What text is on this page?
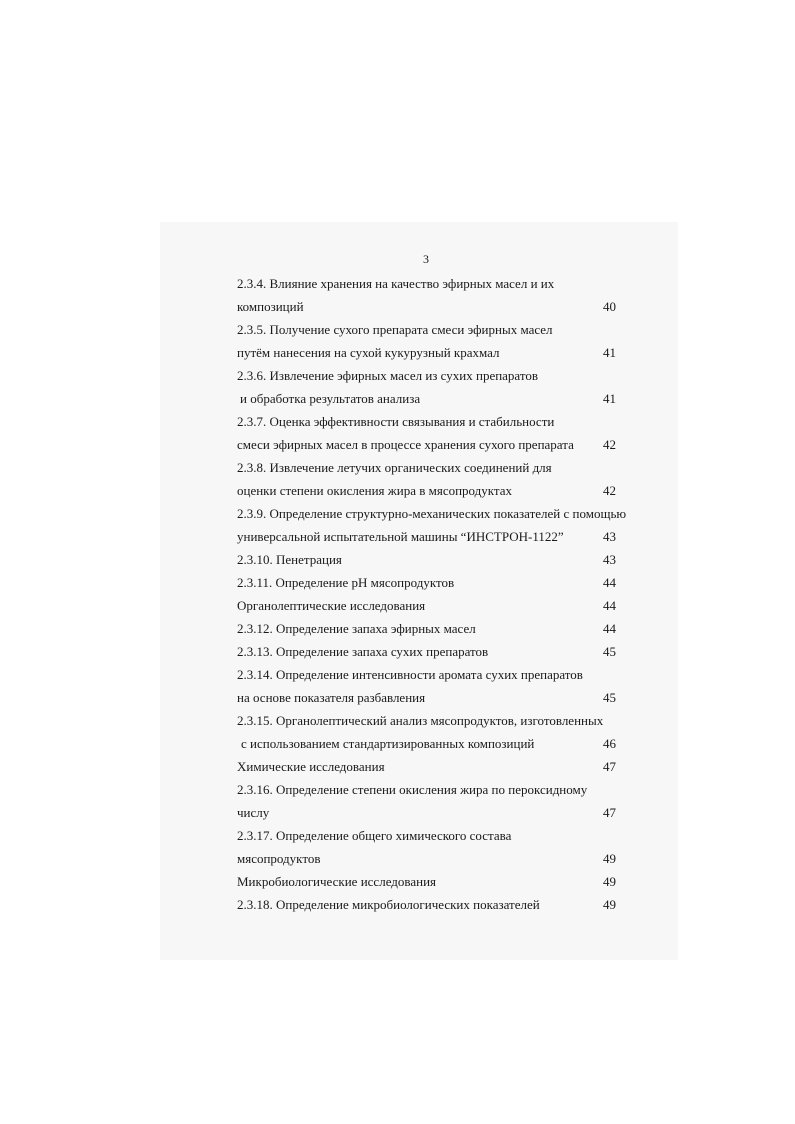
3
2.3.4. Влияние хранения на качество эфирных масел и их
композиций	40
2.3.5. Получение сухого препарата смеси эфирных масел
путём нанесения на сухой кукурузный крахмал	41
2.3.6. Извлечение эфирных масел из сухих препаратов
и обработка результатов анализа	41
2.3.7. Оценка эффективности связывания и стабильности
смеси эфирных масел в процессе хранения сухого препарата 42
2.3.8. Извлечение летучих органических соединений для
оценки степени окисления жира в мясопродуктах	42
2.3.9. Определение структурно-механических показателей с помощью
универсальной испытательной машины “ИНСТРОН-1122”	43
2.3.10. Пенетрация	43
2.3.11. Определение pH мясопродуктов	44
Органолептические исследования	44
2.3.12. Определение запаха эфирных масел	44
2.3.13. Определение запаха сухих препаратов	45
2.3.14. Определение интенсивности аромата сухих препаратов
на основе показателя разбавления	45
2.3.15. Органолептический анализ мясопродуктов, изготовленных
с использованием стандартизированных композиций	46
Химические исследования	47
2.3.16. Определение степени окисления жира по пероксидному
числу	47
2.3.17. Определение общего химического состава
мясопродуктов	49
Микробиологические исследования	49
2.3.18. Определение микробиологических показателей	49
